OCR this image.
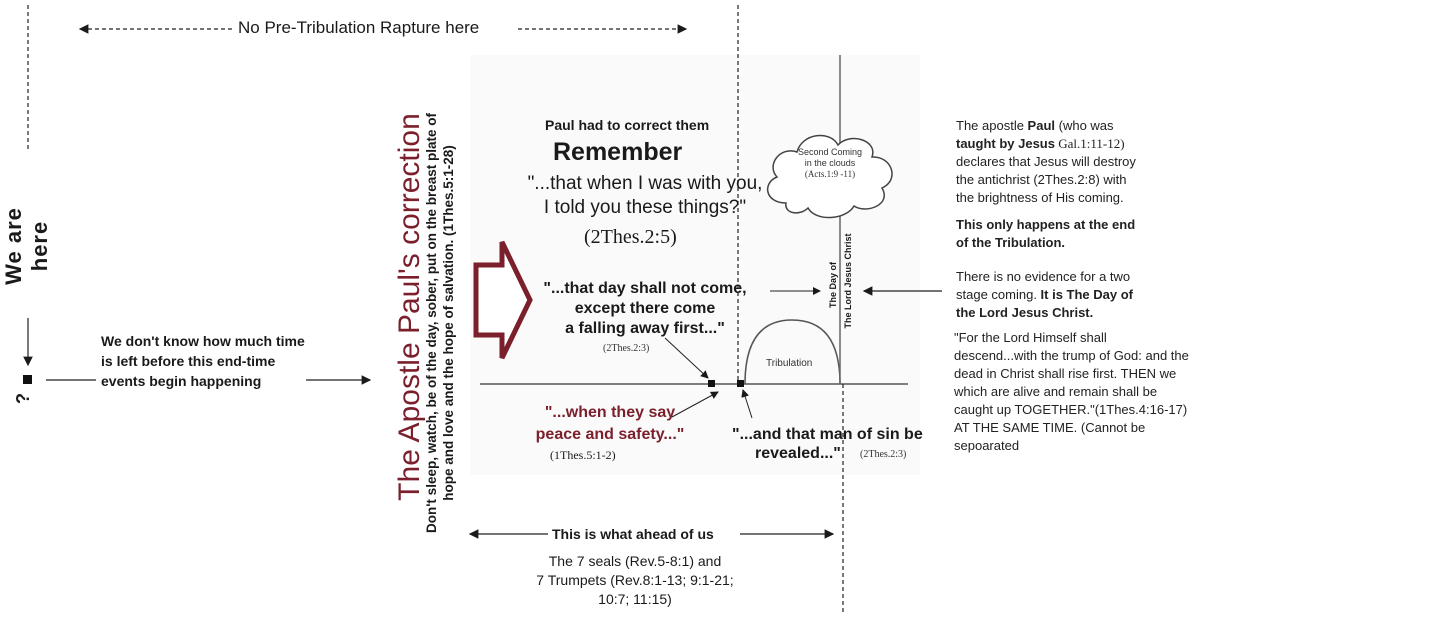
No Pre-Tribulation Rapture here
We are here
?
We don't know how much time is left before this end-time events begin happening	The Apostle Paul's correction
Don't sleep, watch, be of the day, sober, put on the breast plate of hope and love and the hope of salvation. (1Thes.5:1-28)
Paul had to correct them
Remember
"...that when I was with you,
I told you these things?"
(2Thes.2:5)
"...that day shall not come,
except there come
a falling away first..."
(2Thes.2:3)
"...when they say
peace and safety..."
(1Thes.5:1-2)
"...and that man of sin be
revealed..." (2Thes.2:3)
Second Coming
in the clouds
(Acts.1:9 -11)
Tribulation
The Day of The Lord Jesus Christ
This is what ahead of us
The 7 seals (Rev.5-8:1) and
7 Trumpets (Rev.8:1-13; 9:1-21;
10:7; 11:15)
The apostle Paul (who was
taught by Jesus Gal.1:11-12)
declares that Jesus will destroy
the antichrist (2Thes.2:8) with
the brightness of His coming.
This only happens at the end
of the Tribulation.
There is no evidence for a two
stage coming. It is The Day of
the Lord Jesus Christ.
"For the Lord Himself shall
descend...with the trump of God: and the
dead in Christ shall rise first. THEN we
which are alive and remain shall be
caught up TOGETHER."(1Thes.4:16-17)
AT THE SAME TIME. (Cannot be
sepoarated
